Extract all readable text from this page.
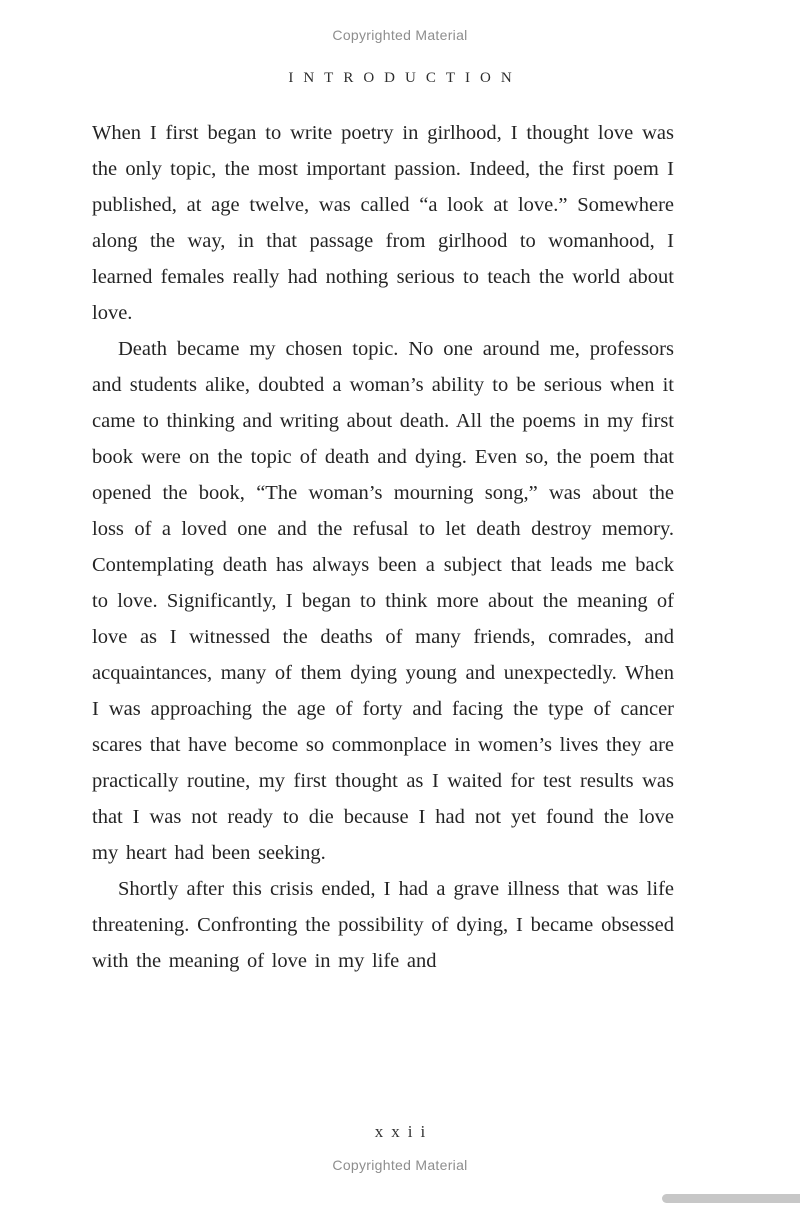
Copyrighted Material
INTRODUCTION

When I first began to write poetry in girlhood, I thought love was the only topic, the most important passion. Indeed, the first poem I published, at age twelve, was called “a look at love.” Somewhere along the way, in that passage from girlhood to womanhood, I learned females really had nothing serious to teach the world about love.

Death became my chosen topic. No one around me, professors and students alike, doubted a woman’s ability to be serious when it came to thinking and writing about death. All the poems in my first book were on the topic of death and dying. Even so, the poem that opened the book, “The woman’s mourning song,” was about the loss of a loved one and the refusal to let death destroy memory. Contemplating death has always been a subject that leads me back to love. Significantly, I began to think more about the meaning of love as I witnessed the deaths of many friends, comrades, and acquaintances, many of them dying young and unexpectedly. When I was approaching the age of forty and facing the type of cancer scares that have become so commonplace in women’s lives they are practically routine, my first thought as I waited for test results was that I was not ready to die because I had not yet found the love my heart had been seeking.

Shortly after this crisis ended, I had a grave illness that was life threatening. Confronting the possibility of dying, I became obsessed with the meaning of love in my life and

xxii
Copyrighted Material
